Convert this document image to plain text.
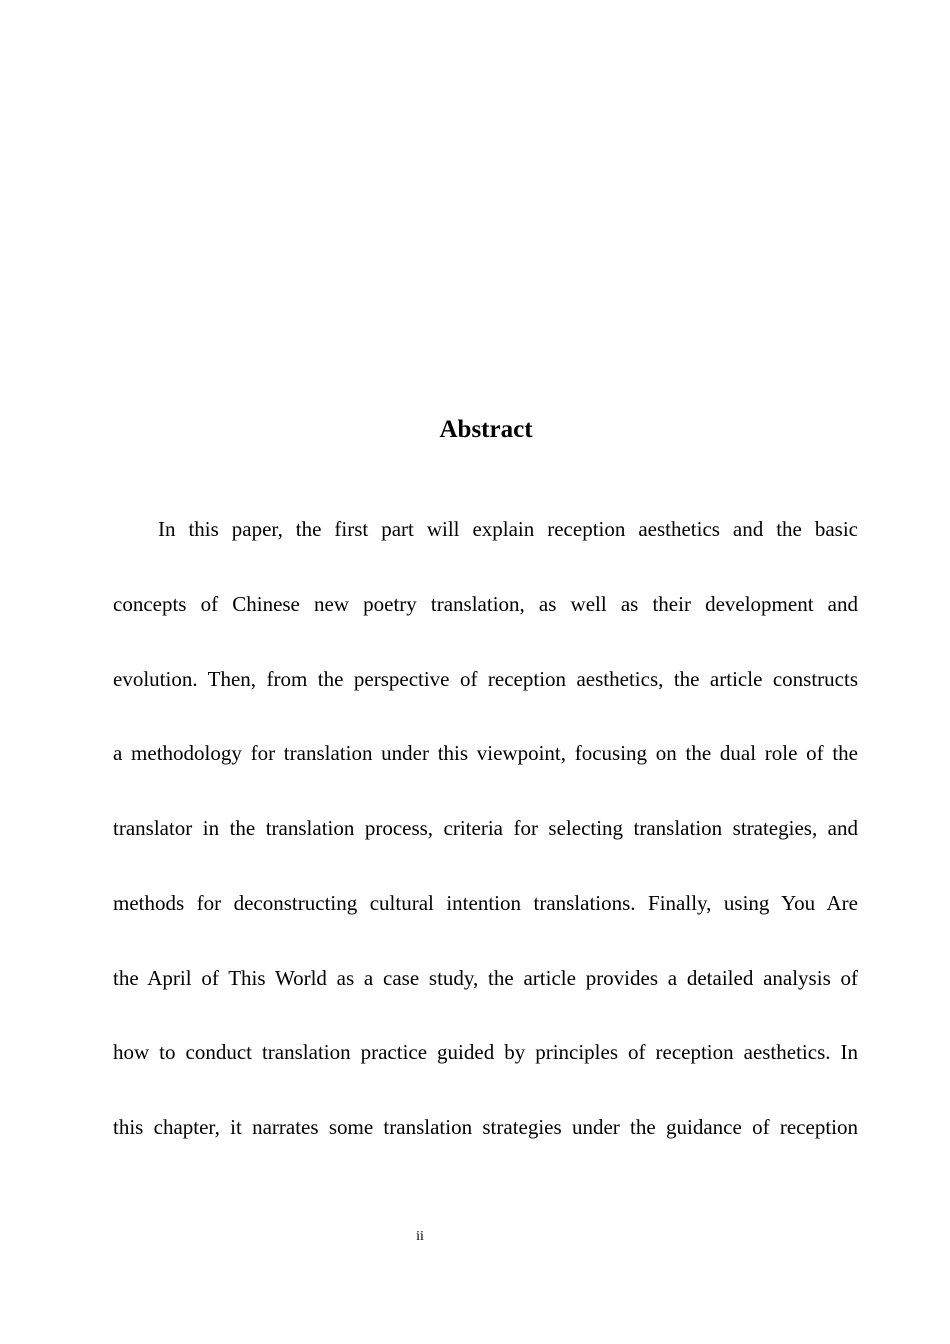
Abstract
In this paper, the first part will explain reception aesthetics and the basic
concepts of Chinese new poetry translation, as well as their development and
evolution. Then, from the perspective of reception aesthetics, the article constructs
a methodology for translation under this viewpoint, focusing on the dual role of the
translator in the translation process, criteria for selecting translation strategies, and
methods for deconstructing cultural intention translations. Finally, using You Are
the April of This World as a case study, the article provides a detailed analysis of
how to conduct translation practice guided by principles of reception aesthetics. In
this chapter, it narrates some translation strategies under the guidance of reception
ii
